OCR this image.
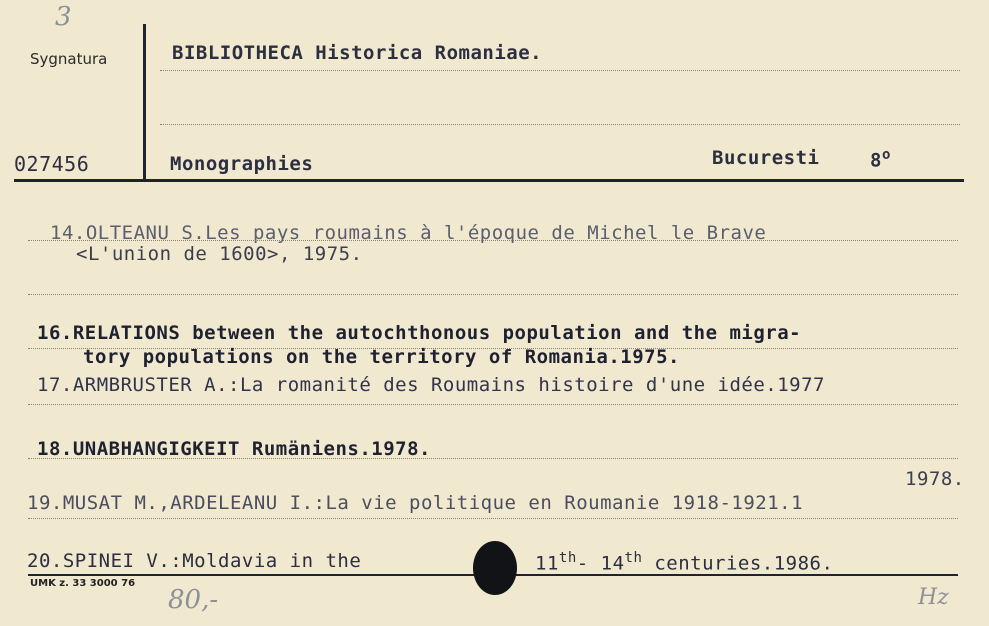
3
Sygnatura
027456
BIBLIOTHECA Historica Romaniae.
Monographies	Bucuresti	8$^o$
14.OLTEANU S.Les pays roumains à l'époque de Michel le Brave
<L'union de 1600>, 1975.
16.RELATIONS between the autochthonous population and the migra-
tory populations on the territory of Romania.1975.
17.ARMBRUSTER A.:La romanité des Roumains histoire d'une idée.1977
18.UNABHANGIGKEIT Rumäniens.1978.
1978.
19.MUSAT M.,ARDELEANU I.:La vie politique en Roumanie 1918-1921.1
20.SPINEI V.:Moldavia in the	11th- 14th centuries.1986.
UMK z. 33 3000 76
80,-	Hz
